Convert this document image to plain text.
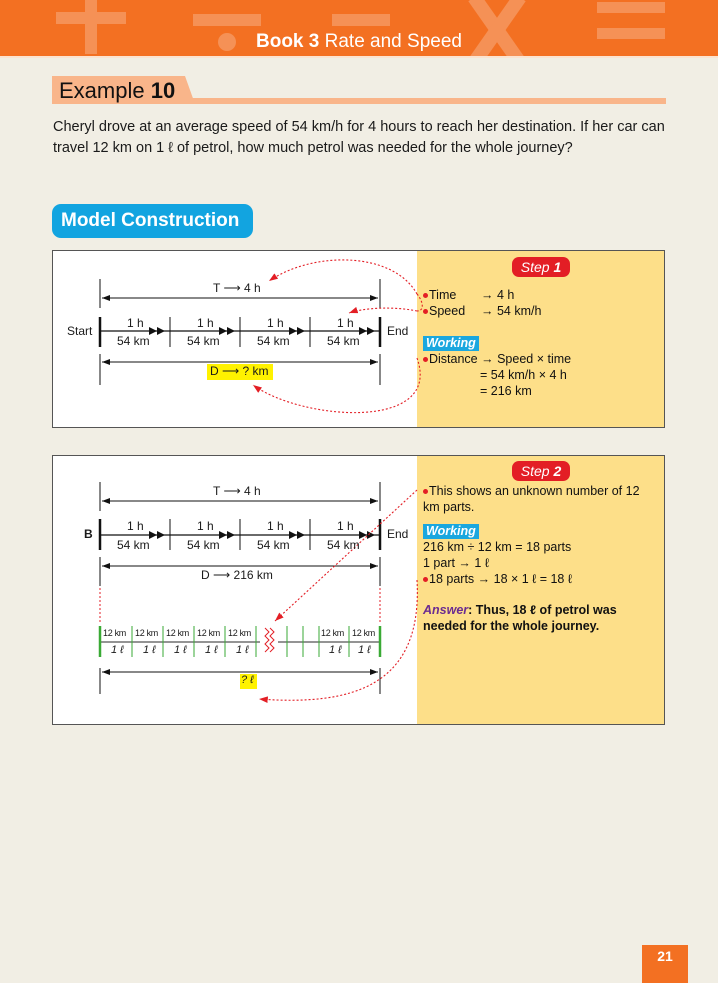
Book 3 Rate and Speed
Example 10
Cheryl drove at an average speed of 54 km/h for 4 hours to reach her destination. If her car can travel 12 km on 1 ℓ of petrol, how much petrol was needed for the whole journey?
Model Construction
Start	End
T ⟶ 4 h
D ⟶ ? km
1 h	1 h	1 h	1 h
54 km	54 km	54 km	54 km
Step 1
Time → 4 h
Speed → 54 km/h
Working
Distance → Speed × time
= 54 km/h × 4 h
= 216 km
B	End
T ⟶ 4 h
D ⟶ 216 km
1 h	1 h	1 h	1 h
54 km	54 km	54 km	54 km
12 km 12 km 12 km 12 km 12 km	12 km 12 km
1 ℓ 1 ℓ 1 ℓ 1 ℓ 1 ℓ	1 ℓ 1 ℓ
? ℓ
Step 2
This shows an unknown number of 12 km parts.
Working
216 km ÷ 12 km = 18 parts
1 part → 1 ℓ
18 parts → 18 × 1 ℓ = 18 ℓ
Answer: Thus, 18 ℓ of petrol was needed for the whole journey.
21
